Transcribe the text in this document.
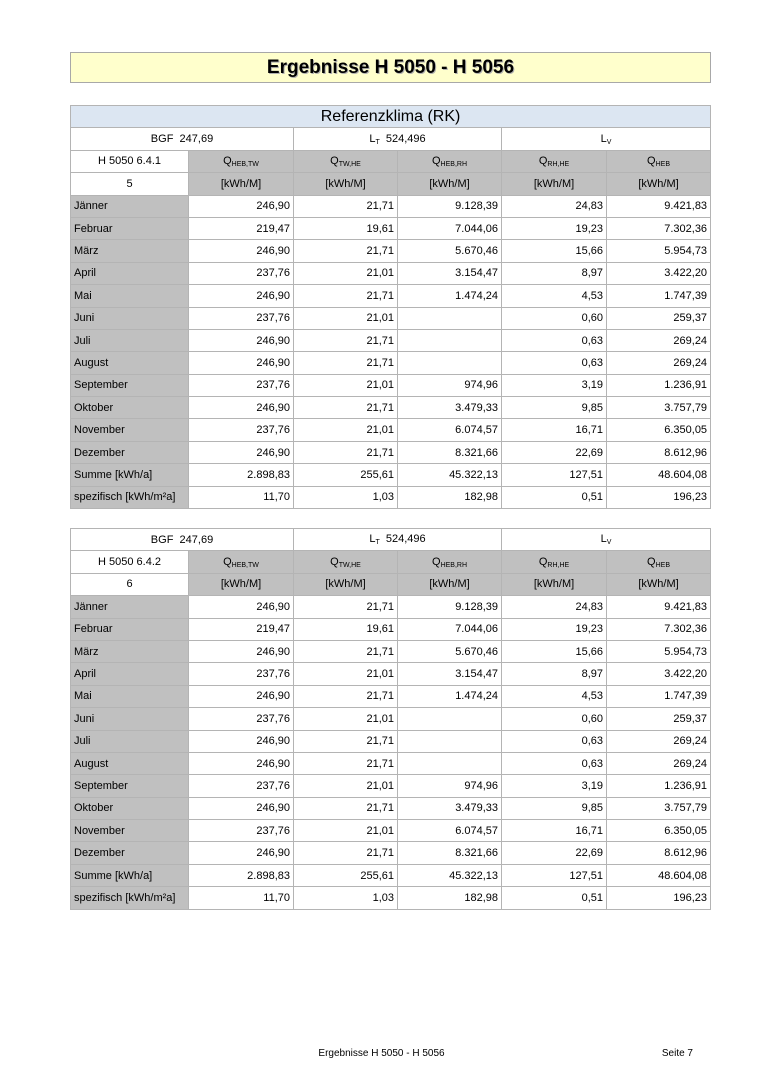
Ergebnisse H 5050 - H 5056
Referenzklima (RK)					
BGF 247,69		$L_T$ 524,496		$L_V$
H 5050 6.4.1	$Q_{HEB,TW}$	$Q_{TW,HE}$	$Q_{HEB,RH}$	$Q_{RH,HE}$	$Q_{HEB}$
5	[kWh/M]	[kWh/M]	[kWh/M]	[kWh/M]	[kWh/M]
Jänner	246,90	21,71	9.128,39	24,83	9.421,83
Februar	219,47	19,61	7.044,06	19,23	7.302,36
März	246,90	21,71	5.670,46	15,66	5.954,73
April	237,76	21,01	3.154,47	8,97	3.422,20
Mai	246,90	21,71	1.474,24	4,53	1.747,39
Juni	237,76	21,01		0,60	259,37
Juli	246,90	21,71		0,63	269,24
August	246,90	21,71		0,63	269,24
September	237,76	21,01	974,96	3,19	1.236,91
Oktober	246,90	21,71	3.479,33	9,85	3.757,79
November	237,76	21,01	6.074,57	16,71	6.350,05
Dezember	246,90	21,71	8.321,66	22,69	8.612,96
Summe [kWh/a]	2.898,83	255,61	45.322,13	127,51	48.604,08
spezifisch [kWh/m²a]	11,70	1,03	182,98	0,51	196,23
BGF 247,69		$L_T$ 524,496		$L_V$
H 5050 6.4.2	$Q_{HEB,TW}$	$Q_{TW,HE}$	$Q_{HEB,RH}$	$Q_{RH,HE}$	$Q_{HEB}$
6	[kWh/M]	[kWh/M]	[kWh/M]	[kWh/M]	[kWh/M]
Jänner	246,90	21,71	9.128,39	24,83	9.421,83
Februar	219,47	19,61	7.044,06	19,23	7.302,36
März	246,90	21,71	5.670,46	15,66	5.954,73
April	237,76	21,01	3.154,47	8,97	3.422,20
Mai	246,90	21,71	1.474,24	4,53	1.747,39
Juni	237,76	21,01		0,60	259,37
Juli	246,90	21,71		0,63	269,24
August	246,90	21,71		0,63	269,24
September	237,76	21,01	974,96	3,19	1.236,91
Oktober	246,90	21,71	3.479,33	9,85	3.757,79
November	237,76	21,01	6.074,57	16,71	6.350,05
Dezember	246,90	21,71	8.321,66	22,69	8.612,96
Summe [kWh/a]	2.898,83	255,61	45.322,13	127,51	48.604,08
spezifisch [kWh/m²a]	11,70	1,03	182,98	0,51	196,23
Ergebnisse H 5050 - H 5056	Seite 7
